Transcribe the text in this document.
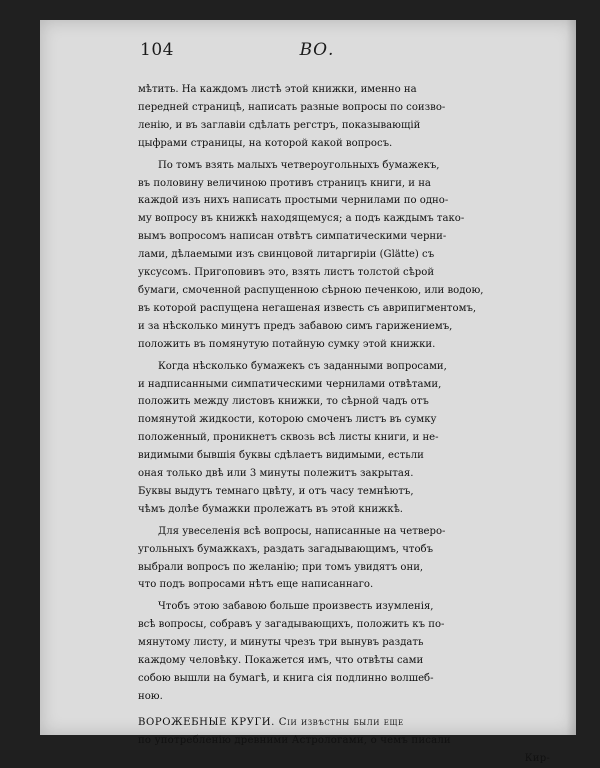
104	ВО.
мѣтить. На каждомъ листѣ этой книжки, именно на
передней страницѣ, написать разные вопросы по соизво-
ленію, и въ заглавіи сдѣлать регстръ, показывающій
цыфрами страницы, на которой какой вопросъ.
По томъ взять малыхъ четвероугольныхъ бумажекъ,
въ половину величиною противъ страницъ книги, и на
каждой изъ нихъ написать простыми чернилами по одно-
му вопросу въ книжкѣ находящемуся; а подъ каждымъ тако-
вымъ вопросомъ написан отвѣтъ симпатическими черни-
лами, дѣлаемыми изъ свинцовой литаргиріи (Glätte) съ
уксусомъ. Пригоповивъ это, взять листъ толстой сѣрой
бумаги, смоченной распущенною сѣрною печенкою, или водою,
въ которой распущена негашеная известь съ аврипигментомъ,
и за нѣсколько минутъ предъ забавою симъ гарижениемъ,
положить въ помянутую потайную сумку этой книжки.
Когда нѣсколько бумажекъ съ заданными вопросами,
и надписанными симпатическими чернилами отвѣтами,
положить между листовъ книжки, то сѣрной чадъ отъ
помянутой жидкости, которою смоченъ листъ въ сумку
положенный, проникнетъ сквозь всѣ листы книги, и не-
видимыми бывшія буквы сдѣлаетъ видимыми, естьли
оная только двѣ или 3 минуты полежитъ закрытая.
Буквы выдутъ темнаго цвѣту, и отъ часу темнѣютъ,
чѣмъ долѣе бумажки пролежатъ въ этой книжкѣ.
Для увеселенія всѣ вопросы, написанные на четверо-
угольныхъ бумажкахъ, раздать загадывающимъ, чтобъ
выбрали вопросъ по желанію; при томъ увидятъ они,
что подъ вопросами нѣтъ еще написаннаго.
Чтобъ этою забавою больше произвесть изумленія,
всѣ вопросы, собравъ у загадывающихъ, положить къ по-
мянутому листу, и минуты чрезъ три вынувъ раздать
каждому человѣку. Покажется имъ, что отвѣты сами
собою вышли на бумагѣ, и книга сія подлинно волшеб-
ною.
ВОРОЖЕБНЫЕ КРУГИ. Сіи извѣстны были еще
по употребленію древними Астрологами, о чемъ писали
Кир-
